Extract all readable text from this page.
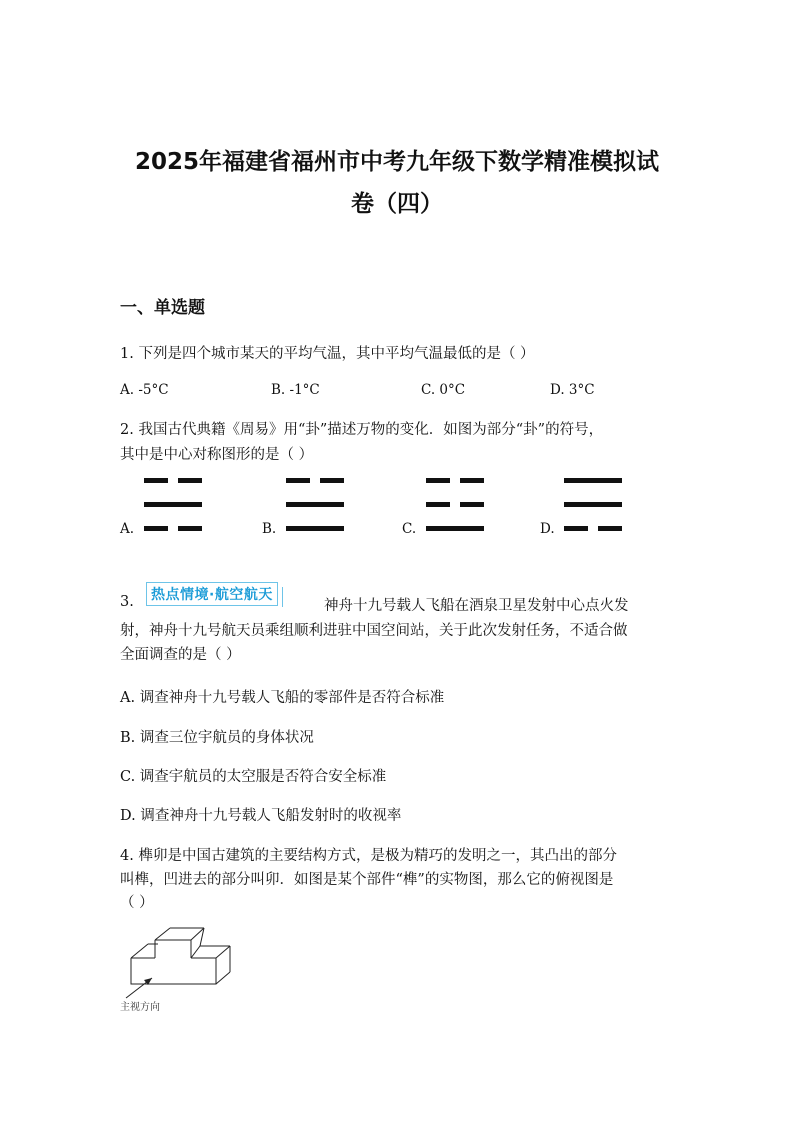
2025年福建省福州市中考九年级下数学精准模拟试
卷（四）
一、单选题
1. 下列是四个城市某天的平均气温，其中平均气温最低的是（ ）
A. -5°C	B. -1°C	C. 0°C	D. 3°C
2. 我国古代典籍《周易》用“卦”描述万物的变化．如图为部分“卦”的符号，
其中是中心对称图形的是（ ）
A.	B.	C.	D.
3.	热点情境·航空航天
神舟十九号载人飞船在酒泉卫星发射中心点火发
射，神舟十九号航天员乘组顺利进驻中国空间站，关于此次发射任务，不适合做
全面调查的是（ ）
A. 调查神舟十九号载人飞船的零部件是否符合标准
B. 调查三位宇航员的身体状况
C. 调查宇航员的太空服是否符合安全标准
D. 调查神舟十九号载人飞船发射时的收视率
4. 榫卯是中国古建筑的主要结构方式，是极为精巧的发明之一，其凸出的部分
叫榫，凹进去的部分叫卯．如图是某个部件“榫”的实物图，那么它的俯视图是
（ ）
主视方向
